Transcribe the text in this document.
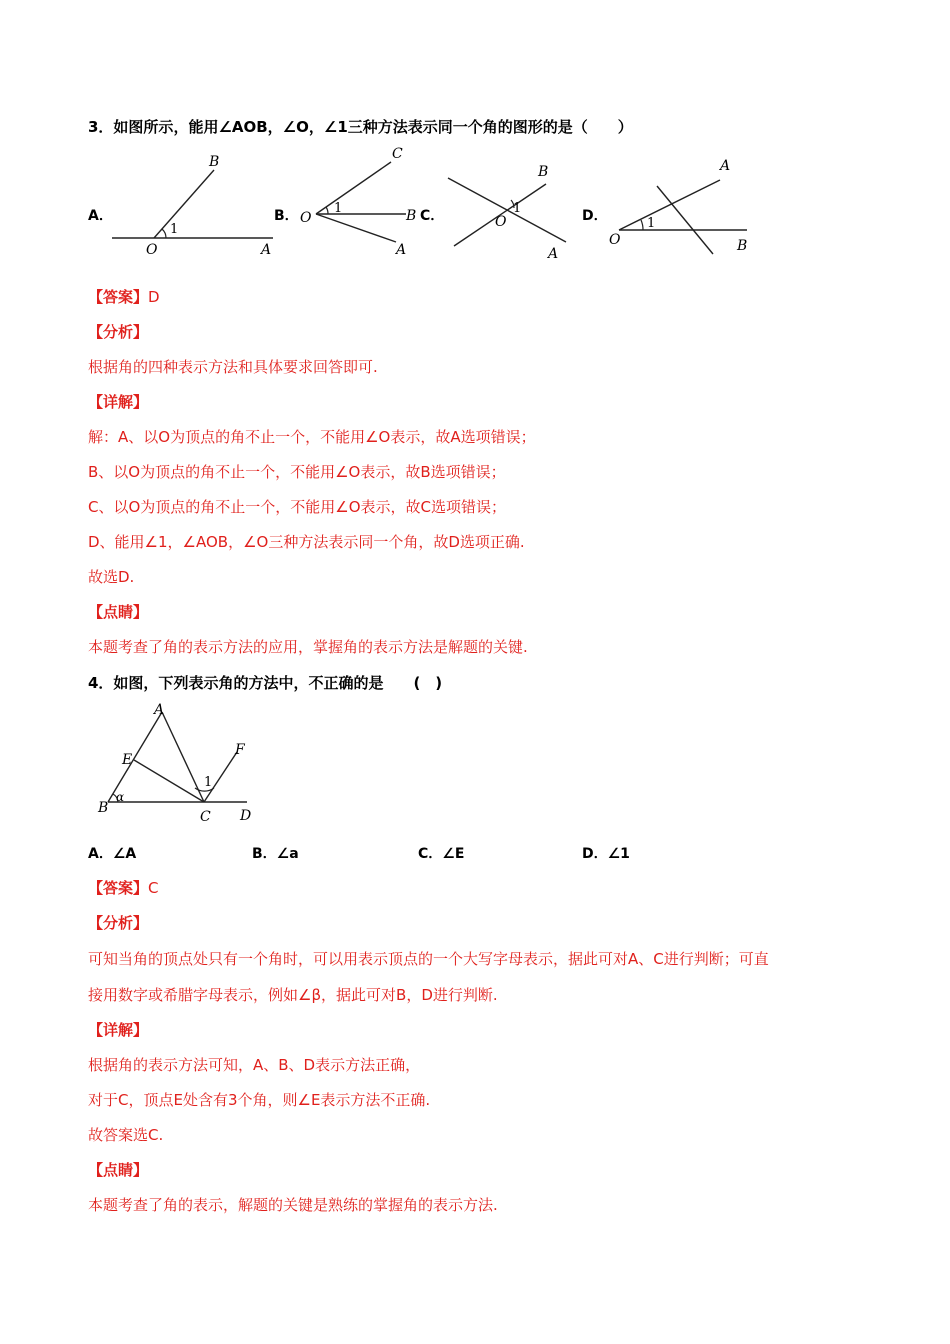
3．如图所示，能用∠AOB，∠O，∠1三种方法表示同一个角的图形的是（　　）
A．	B．	C．	D．
B
O	A
1
C
O	B
A
1
B
O
A
1
A
O	B
1
【答案】D
【分析】
根据角的四种表示方法和具体要求回答即可.
【详解】
解：A、以O为顶点的角不止一个，不能用∠O表示，故A选项错误；
B、以O为顶点的角不止一个，不能用∠O表示，故B选项错误；
C、以O为顶点的角不止一个，不能用∠O表示，故C选项错误；
D、能用∠1，∠AOB，∠O三种方法表示同一个角，故D选项正确.
故选D.
【点睛】
本题考查了角的表示方法的应用，掌握角的表示方法是解题的关键.
4．如图，下列表示角的方法中，不正确的是　　(　)
A
E
F
1
B
α
C D
A．∠A	B．∠a	C．∠E	D．∠1
【答案】C
【分析】
可知当角的顶点处只有一个角时，可以用表示顶点的一个大写字母表示，据此可对A、C进行判断；可直
接用数字或希腊字母表示，例如∠β，据此可对B，D进行判断.
【详解】
根据角的表示方法可知，A、B、D表示方法正确，
对于C，顶点E处含有3个角，则∠E表示方法不正确.
故答案选C.
【点睛】
本题考查了角的表示，解题的关键是熟练的掌握角的表示方法.
